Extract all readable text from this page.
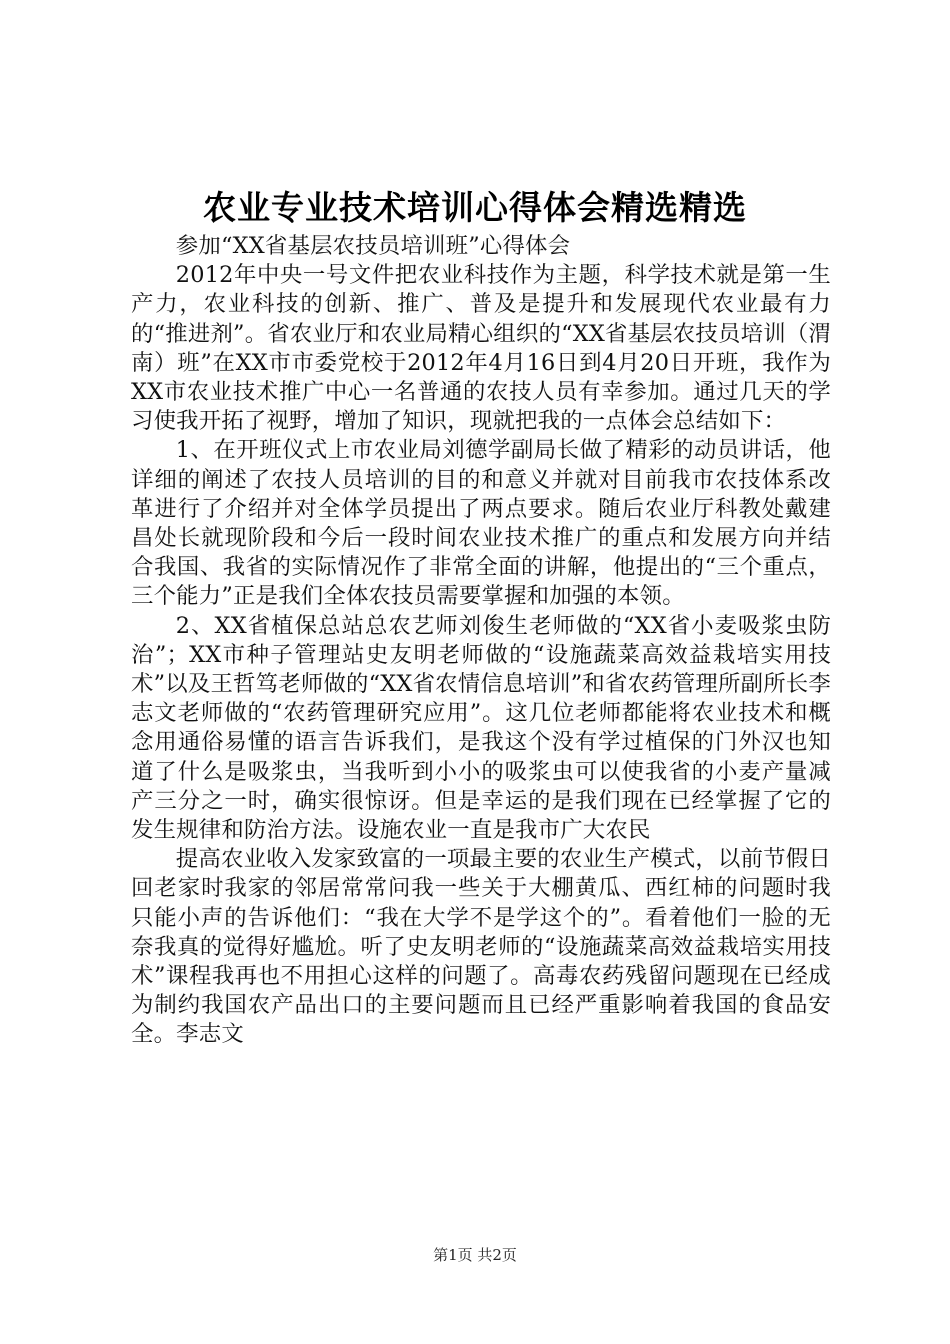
农业专业技术培训心得体会精选精选

参加“XX省基层农技员培训班”心得体会

2012年中央一号文件把农业科技作为主题，科学技术就是第一生产力，农业科技的创新、推广、普及是提升和发展现代农业最有力的“推进剂”。省农业厅和农业局精心组织的“XX省基层农技员培训（渭南）班”在XX市市委党校于2012年4月16日到4月20日开班，我作为XX市农业技术推广中心一名普通的农技人员有幸参加。通过几天的学习使我开拓了视野，增加了知识，现就把我的一点体会总结如下：

1、在开班仪式上市农业局刘德学副局长做了精彩的动员讲话，他详细的阐述了农技人员培训的目的和意义并就对目前我市农技体系改革进行了介绍并对全体学员提出了两点要求。随后农业厅科教处戴建昌处长就现阶段和今后一段时间农业技术推广的重点和发展方向并结合我国、我省的实际情况作了非常全面的讲解，他提出的“三个重点，三个能力”正是我们全体农技员需要掌握和加强的本领。

2、XX省植保总站总农艺师刘俊生老师做的“XX省小麦吸浆虫防治”；XX市种子管理站史友明老师做的“设施蔬菜高效益栽培实用技术”以及王哲笃老师做的“XX省农情信息培训”和省农药管理所副所长李志文老师做的“农药管理研究应用”。这几位老师都能将农业技术和概念用通俗易懂的语言告诉我们，是我这个没有学过植保的门外汉也知道了什么是吸浆虫，当我听到小小的吸浆虫可以使我省的小麦产量减产三分之一时，确实很惊讶。但是幸运的是我们现在已经掌握了它的发生规律和防治方法。设施农业一直是我市广大农民

提高农业收入发家致富的一项最主要的农业生产模式，以前节假日回老家时我家的邻居常常问我一些关于大棚黄瓜、西红柿的问题时我只能小声的告诉他们：“我在大学不是学这个的”。看着他们一脸的无奈我真的觉得好尴尬。听了史友明老师的“设施蔬菜高效益栽培实用技术”课程我再也不用担心这样的问题了。高毒农药残留问题现在已经成为制约我国农产品出口的主要问题而且已经严重影响着我国的食品安全。李志文

第1页 共2页
